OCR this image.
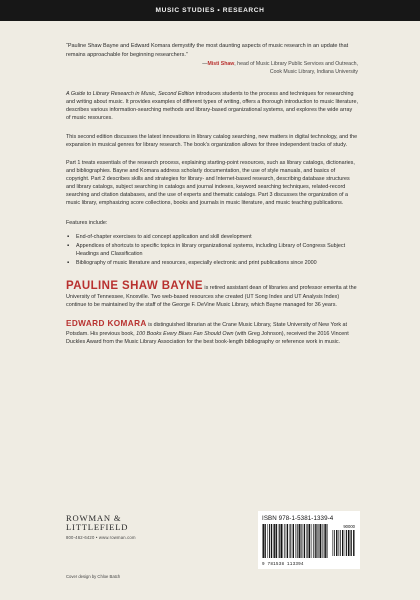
MUSIC STUDIES • RESEARCH
“Pauline Shaw Bayne and Edward Komara demystify the most daunting aspects of music research in an update that remains approachable for beginning researchers.”
—Misti Shaw, head of Music Library Public Services and Outreach,
Cook Music Library, Indiana University

A Guide to Library Research in Music, Second Edition introduces students to the process and techniques for researching and writing about music. It provides examples of different types of writing, offers a thorough introduction to music literature, describes various information-searching methods and library-based organizational systems, and explores the wide array of music resources.

This second edition discusses the latest innovations in library catalog searching, new matters in digital technology, and the expansion in musical genres for library research. The book’s organization allows for three independent tracks of study.

Part 1 treats essentials of the research process, explaining starting-point resources, such as library catalogs, dictionaries, and bibliographies. Bayne and Komara address scholarly documentation, the use of style manuals, and basics of copyright. Part 2 describes skills and strategies for library- and Internet-based research, describing database structures and library catalogs, subject searching in catalogs and journal indexes, keyword searching techniques, related-record searching and citation databases, and the use of experts and thematic catalogs. Part 3 discusses the organization of a music library, emphasizing score collections, books and journals in music literature, and music teaching publications.

Features include:
▪ End-of-chapter exercises to aid concept application and skill development
▪ Appendices of shortcuts to specific topics in library organizational systems, including Library of Congress Subject Headings and Classification
▪ Bibliography of music literature and resources, especially electronic and print publications since 2000

PAULINE SHAW BAYNE is retired assistant dean of libraries and professor emerita at the University of Tennessee, Knoxville. Two web-based resources she created (UT Song Index and UT Analysis Index) continue to be maintained by the staff of the George F. DeVine Music Library, which Bayne managed for 36 years.

EDWARD KOMARA is distinguished librarian at the Crane Music Library, State University of New York at Potsdam. His previous book, 100 Books Every Blues Fan Should Own (with Greg Johnson), received the 2016 Vincent Duckles Award from the Music Library Association for the best book-length bibliography or reference work in music.

ROWMAN &
LITTLEFIELD
800-462-6420 • www.rowman.com
Cover design by Chloe Batch
ISBN 978-1-5381-1339-4
90000
9 781538 113394
